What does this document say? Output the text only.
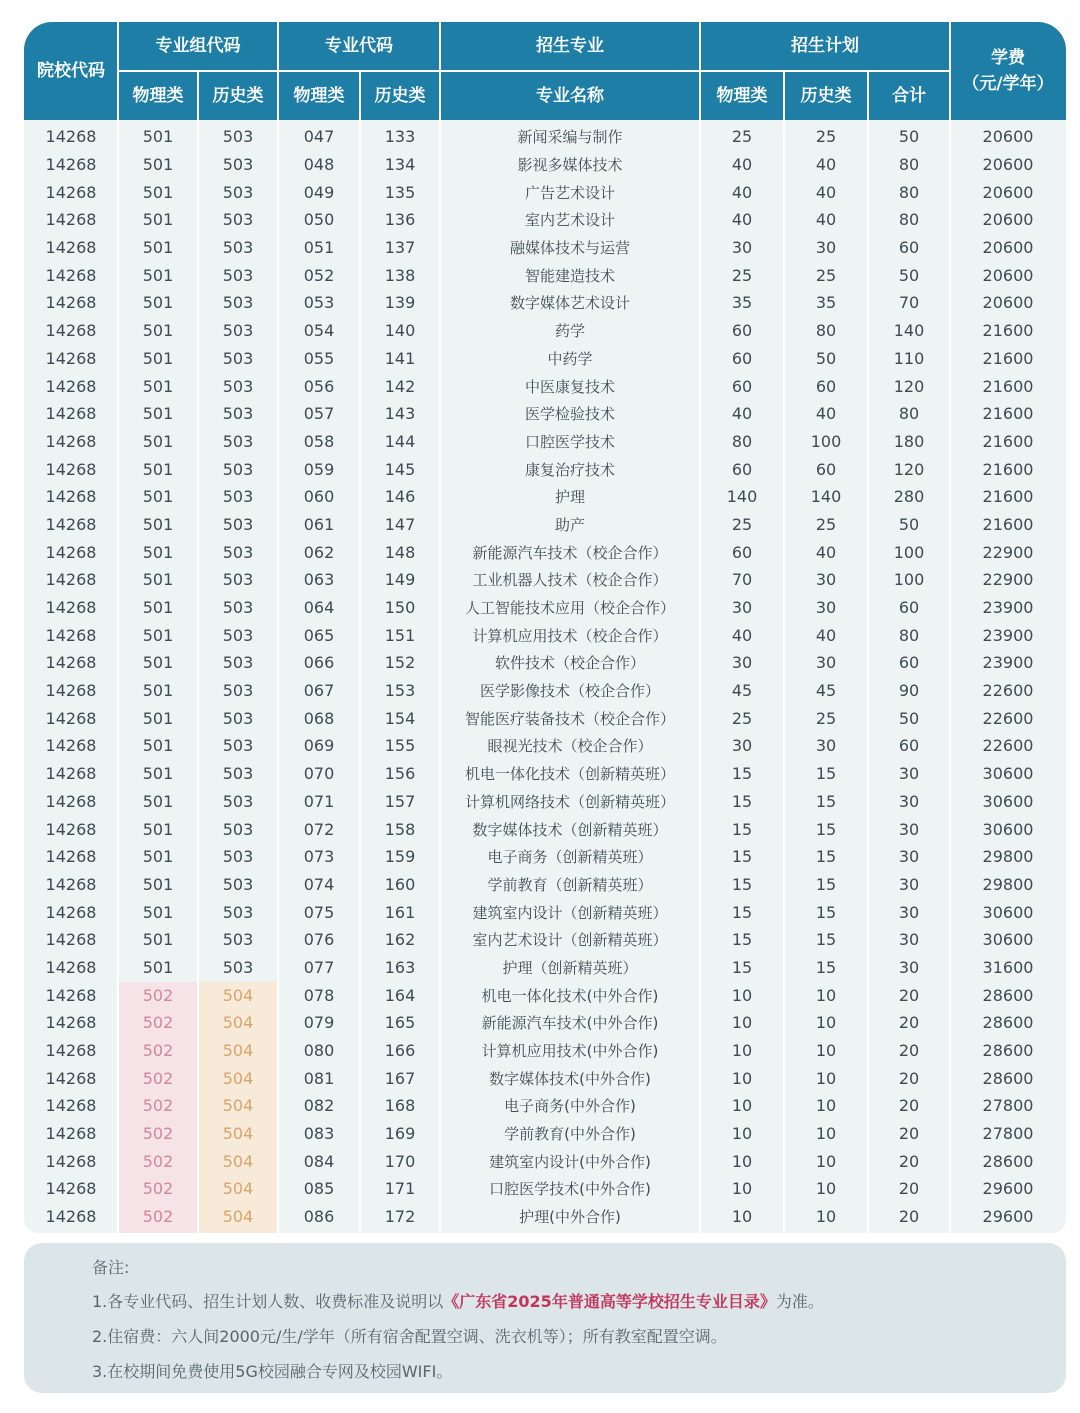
院校代码
专业组代码	专业代码	招生专业	招生计划
学费
（元/学年）
物理类	历史类	物理类	历史类	专业名称	物理类	历史类	合计
14268	501	503	047	133	新闻采编与制作	25	25	50	20600
14268	501	503	048	134	影视多媒体技术	40	40	80	20600
14268	501	503	049	135	广告艺术设计	40	40	80	20600
14268	501	503	050	136	室内艺术设计	40	40	80	20600
14268	501	503	051	137	融媒体技术与运营	30	30	60	20600
14268	501	503	052	138	智能建造技术	25	25	50	20600
14268	501	503	053	139	数字媒体艺术设计	35	35	70	20600
14268	501	503	054	140	药学	60	80	140	21600
14268	501	503	055	141	中药学	60	50	110	21600
14268	501	503	056	142	中医康复技术	60	60	120	21600
14268	501	503	057	143	医学检验技术	40	40	80	21600
14268	501	503	058	144	口腔医学技术	80	100	180	21600
14268	501	503	059	145	康复治疗技术	60	60	120	21600
14268	501	503	060	146	护理	140	140	280	21600
14268	501	503	061	147	助产	25	25	50	21600
14268	501	503	062	148	新能源汽车技术（校企合作）	60	40	100	22900
14268	501	503	063	149	工业机器人技术（校企合作）	70	30	100	22900
14268	501	503	064	150	人工智能技术应用（校企合作）	30	30	60	23900
14268	501	503	065	151	计算机应用技术（校企合作）	40	40	80	23900
14268	501	503	066	152	软件技术（校企合作）	30	30	60	23900
14268	501	503	067	153	医学影像技术（校企合作）	45	45	90	22600
14268	501	503	068	154	智能医疗装备技术（校企合作）	25	25	50	22600
14268	501	503	069	155	眼视光技术（校企合作）	30	30	60	22600
14268	501	503	070	156	机电一体化技术（创新精英班）	15	15	30	30600
14268	501	503	071	157	计算机网络技术（创新精英班）	15	15	30	30600
14268	501	503	072	158	数字媒体技术（创新精英班）	15	15	30	30600
14268	501	503	073	159	电子商务（创新精英班）	15	15	30	29800
14268	501	503	074	160	学前教育（创新精英班）	15	15	30	29800
14268	501	503	075	161	建筑室内设计（创新精英班）	15	15	30	30600
14268	501	503	076	162	室内艺术设计（创新精英班）	15	15	30	30600
14268	501	503	077	163	护理（创新精英班）	15	15	30	31600
14268	502	504	078	164	机电一体化技术(中外合作)	10	10	20	28600
14268	502	504	079	165	新能源汽车技术(中外合作)	10	10	20	28600
14268	502	504	080	166	计算机应用技术(中外合作)	10	10	20	28600
14268	502	504	081	167	数字媒体技术(中外合作)	10	10	20	28600
14268	502	504	082	168	电子商务(中外合作)	10	10	20	27800
14268	502	504	083	169	学前教育(中外合作)	10	10	20	27800
14268	502	504	084	170	建筑室内设计(中外合作)	10	10	20	28600
14268	502	504	085	171	口腔医学技术(中外合作)	10	10	20	29600
14268	502	504	086	172	护理(中外合作)	10	10	20	29600
备注:
1.各专业代码、招生计划人数、收费标准及说明以《广东省2025年普通高等学校招生专业目录》为准。
2.住宿费：六人间2000元/生/学年（所有宿舍配置空调、洗衣机等）；所有教室配置空调。
3.在校期间免费使用5G校园融合专网及校园WIFI。
